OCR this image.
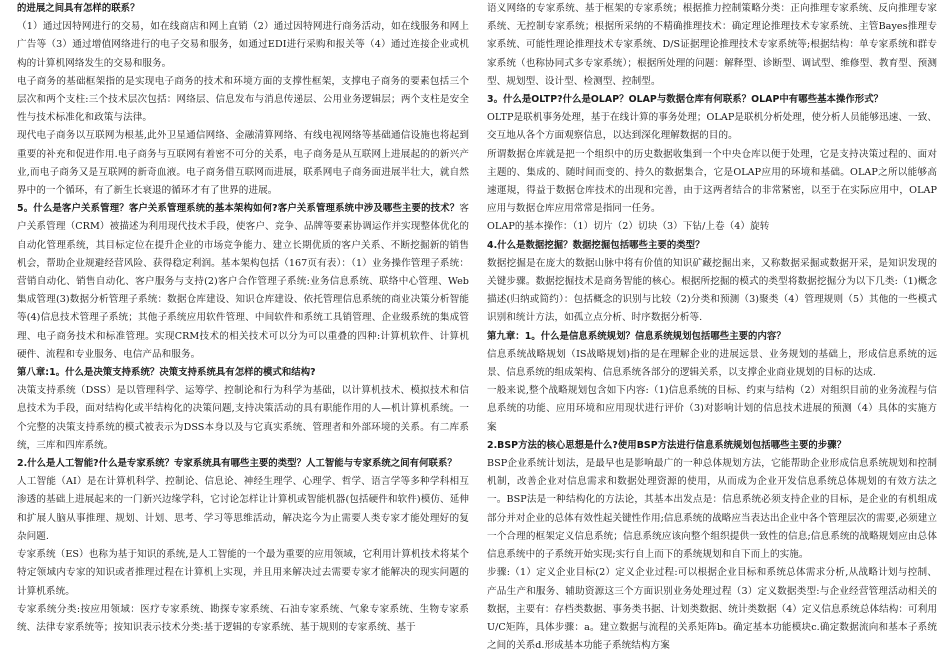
的进展之间具有怎样的联系？

（1）通过因特网进行的交易，如在线商店和网上直销（2）通过因特网进行商务活动，如在线服务和网上广告等（3）通过增值网络进行的电子交易和服务，如通过EDI进行采购和报关等（4）通过连接企业或机构的计算机网络发生的交易和服务。

电子商务的基础框架指的是实现电子商务的技术和环境方面的支撑性框架，支撑电子商务的要素包括三个层次和两个支柱:三个技术层次包括：网络层、信息发布与消息传递层、公用业务逻辑层；两个支柱是安全性与技术标准化和政策与法律。

现代电子商务以互联网为根基,此外卫星通信网络、金融清算网络、有线电视网络等基础通信设施也将起到重要的补充和促进作用.电子商务与互联网有着密不可分的关系，电子商务是从互联网上进展起的的新兴产业,而电子商务又是互联网的新奇血液。电子商务借互联网而进展，联系网电子商务面进展半壮大，就自然界中的一个循环，有了新生长衰退的循环才有了世界的进展。

5。什么是客户关系管理？客户关系管理系统的基本架构如何?客户关系管理系统中涉及哪些主要的技术？客户关系管理（CRM）被描述为利用现代技术手段，使客户、竞争、品牌等要素协调运作并实现整体优化的自动化管理系统，其目标定位在提升企业的市场竞争能力、建立长期优质的客户关系、不断挖掘新的销售机会，帮助企业规避经营风险、获得稳定利润。基本架构包括（167页有表）：（1）业务操作管理子系统：营销自动化、销售自动化、客户服务与支持(2)客户合作管理子系统:业务信息系统、联络中心管理、Web集成管理(3)数据分析管理子系统：数据仓库建设、知识仓库建设、依托管理信息系统的商业决策分析智能等(4)信息技术管理子系统；其他子系统应用软件管理、中间软件和系统工具销管理、企业级系统的集成管理、电子商务技术和标准管理。实现CRM技术的相关技术可以分为可以重叠的四种:计算机软件、计算机硬件、流程和专业服务、电信产品和服务。

第八章:1。什么是决策支持系统？决策支持系统具有怎样的模式和结构?

决策支持系统（DSS）是以管理科学、运筹学、控制论和行为科学为基础，以计算机技术、模拟技术和信息技术为手段，面对结构化或半结构化的决策问题,支持决策活动的具有职能作用的人—机计算机系统。一个完整的决策支持系统的模式被表示为DSS本身以及与它真实系统、管理者和外部环境的关系。有二库系统，三库和四库系统。

2.什么是人工智能?什么是专家系统？专家系统具有哪些主要的类型？人工智能与专家系统之间有何联系？

人工智能（AI）是在计算机科学、控制论、信息论、神经生理学、心理学、哲学、语言学等多种学科相互渗透的基础上进展起来的一门新兴边缘学科，它讨论怎样让计算机或智能机器(包括硬件和软件)模仿、延伸和扩展人脑从事推理、规划、计划、思考、学习等思维活动，解决迄今为止需要人类专家才能处理好的复杂问题.

专家系统（ES）也称为基于知识的系统,是人工智能的一个最为重要的应用领域，它利用计算机技术将某个特定领域内专家的知识或者推理过程在计算机上实现，并且用来解决过去需要专家才能解决的现实问题的计算机系统。

专家系统分类:按应用领域：医疗专家系统、勘探专家系统、石油专家系统、气象专家系统、生物专家系统、法律专家系统等；按知识表示技术分类:基于逻辑的专家系统、基于规则的专家系统、基于

语义网络的专家系统、基于框架的专家系统；根据推力控制策略分类：正向推理专家系统、反向推理专家系统、无控制专家系统；根据所采纳的不精确推理技术：确定理论推理技术专家系统、主管Bayes推理专家系统、可能性理论推理技术专家系统、D/S证据理论推理技术专家系统等;根据结构：单专家系统和群专家系统（也称协同式多专家系统）；根据所处理的问题：解释型、诊断型、调试型、维修型、教育型、预测型、规划型、设计型、检测型、控制型。

3。什么是OLTP?什么是OLAP？OLAP与数据仓库有何联系？OLAP中有哪些基本操作形式？

OLTP是联机事务处理，基于在线计算的事务处理；OLAP是联机分析处理，使分析人员能够迅速、一致、交互地从各个方面观察信息，以达到深化理解数据的目的。

所谓数据仓库就是把一个组织中的历史数据收集到一个中央仓库以便于处理，它是支持决策过程的、面对主题的、集成的、随时间而变的、持久的数据集合，它是OLAP应用的环境和基础。OLAP之所以能够高速運規，得益于数据仓库技术的出现和完善，由于这两者结合的非常紧密，以至于在实际应用中，OLAP应用与数据仓库应用常常是指同一任务。

OLAP的基本操作：（1）切片（2）切块（3）下钻/上卷（4）旋转

4.什么是数据挖掘？数据挖掘包括哪些主要的类型？

数据挖掘是在庞大的数据山脉中将有价值的知识矿藏挖掘出来，又称数据采掘或数据开采，是知识发现的关键步骤。数据挖掘技术是商务智能的核心。根据所挖掘的模式的类型将数据挖掘分为以下几类:（1)概念描述(归纳或简约）：包括概念的识别与比较（2)分类和预测（3)聚类（4）管理规则（5）其他的一些模式识别和统计方法，如孤立点分析、时序数据分析等.

第九章：1。什么是信息系统规划？信息系统规划包括哪些主要的内容？

信息系统战略规划（IS战略规划)指的是在理解企业的进展远景、业务规划的基础上，形成信息系统的远景、信息系统的组成架构、信息系统各部分的逻辑关系，以支撑企业商业规划的目标的达成.

一般来说,整个战略规划包含如下内容:（1)信息系统的目标、约束与结构（2）对组织目前的业务流程与信息系统的功能、应用环境和应用现状进行评价（3)对影响计划的信息技术进展的预测（4）具体的实施方案

2.BSP方法的核心思想是什么?使用BSP方法进行信息系统规划包括哪些主要的步骤？

BSP企业系统计划法，是最早也是影响最广的一种总体规划方法，它能帮助企业形成信息系统规划和控制机制，改善企业对信息需求和数据处理资源的使用，从而成为企业开发信息系统总体规划的有效方法之一。BSP法是一种结构化的方法论，其基本出发点是：信息系统必须支持企业的目标，是企业的有机组成部分并对企业的总体有效性起关键性作用;信息系统的战略应当表达出企业中各个管理层次的需要,必须建立一个合理的框架定义信息系统；信息系统应该向整个组织提供一致性的信息;信息系统的战略规划应由总体信息系统中的子系统开始实现;实行自上而下的系统规划和自下而上的实施。

步骤:（1）定义企业目标(2）定义企业过程:可以根据企业目标和系统总体需求分析,从战略计划与控制、产品生产和服务、辅助资源这三个方面识别业务处理过程（3）定义数据类型:与企业经营管理活动相关的数据，主要有：存档类数据、事务类书据、计划类数据、统计类数据（4）定义信息系统总体结构：可利用U/C矩阵，具体步骤：a。建立数据与流程的关系矩阵b。确定基本功能模块c.确定数据流向和基本子系统之间的关系d.形成基本功能子系统结构方案
